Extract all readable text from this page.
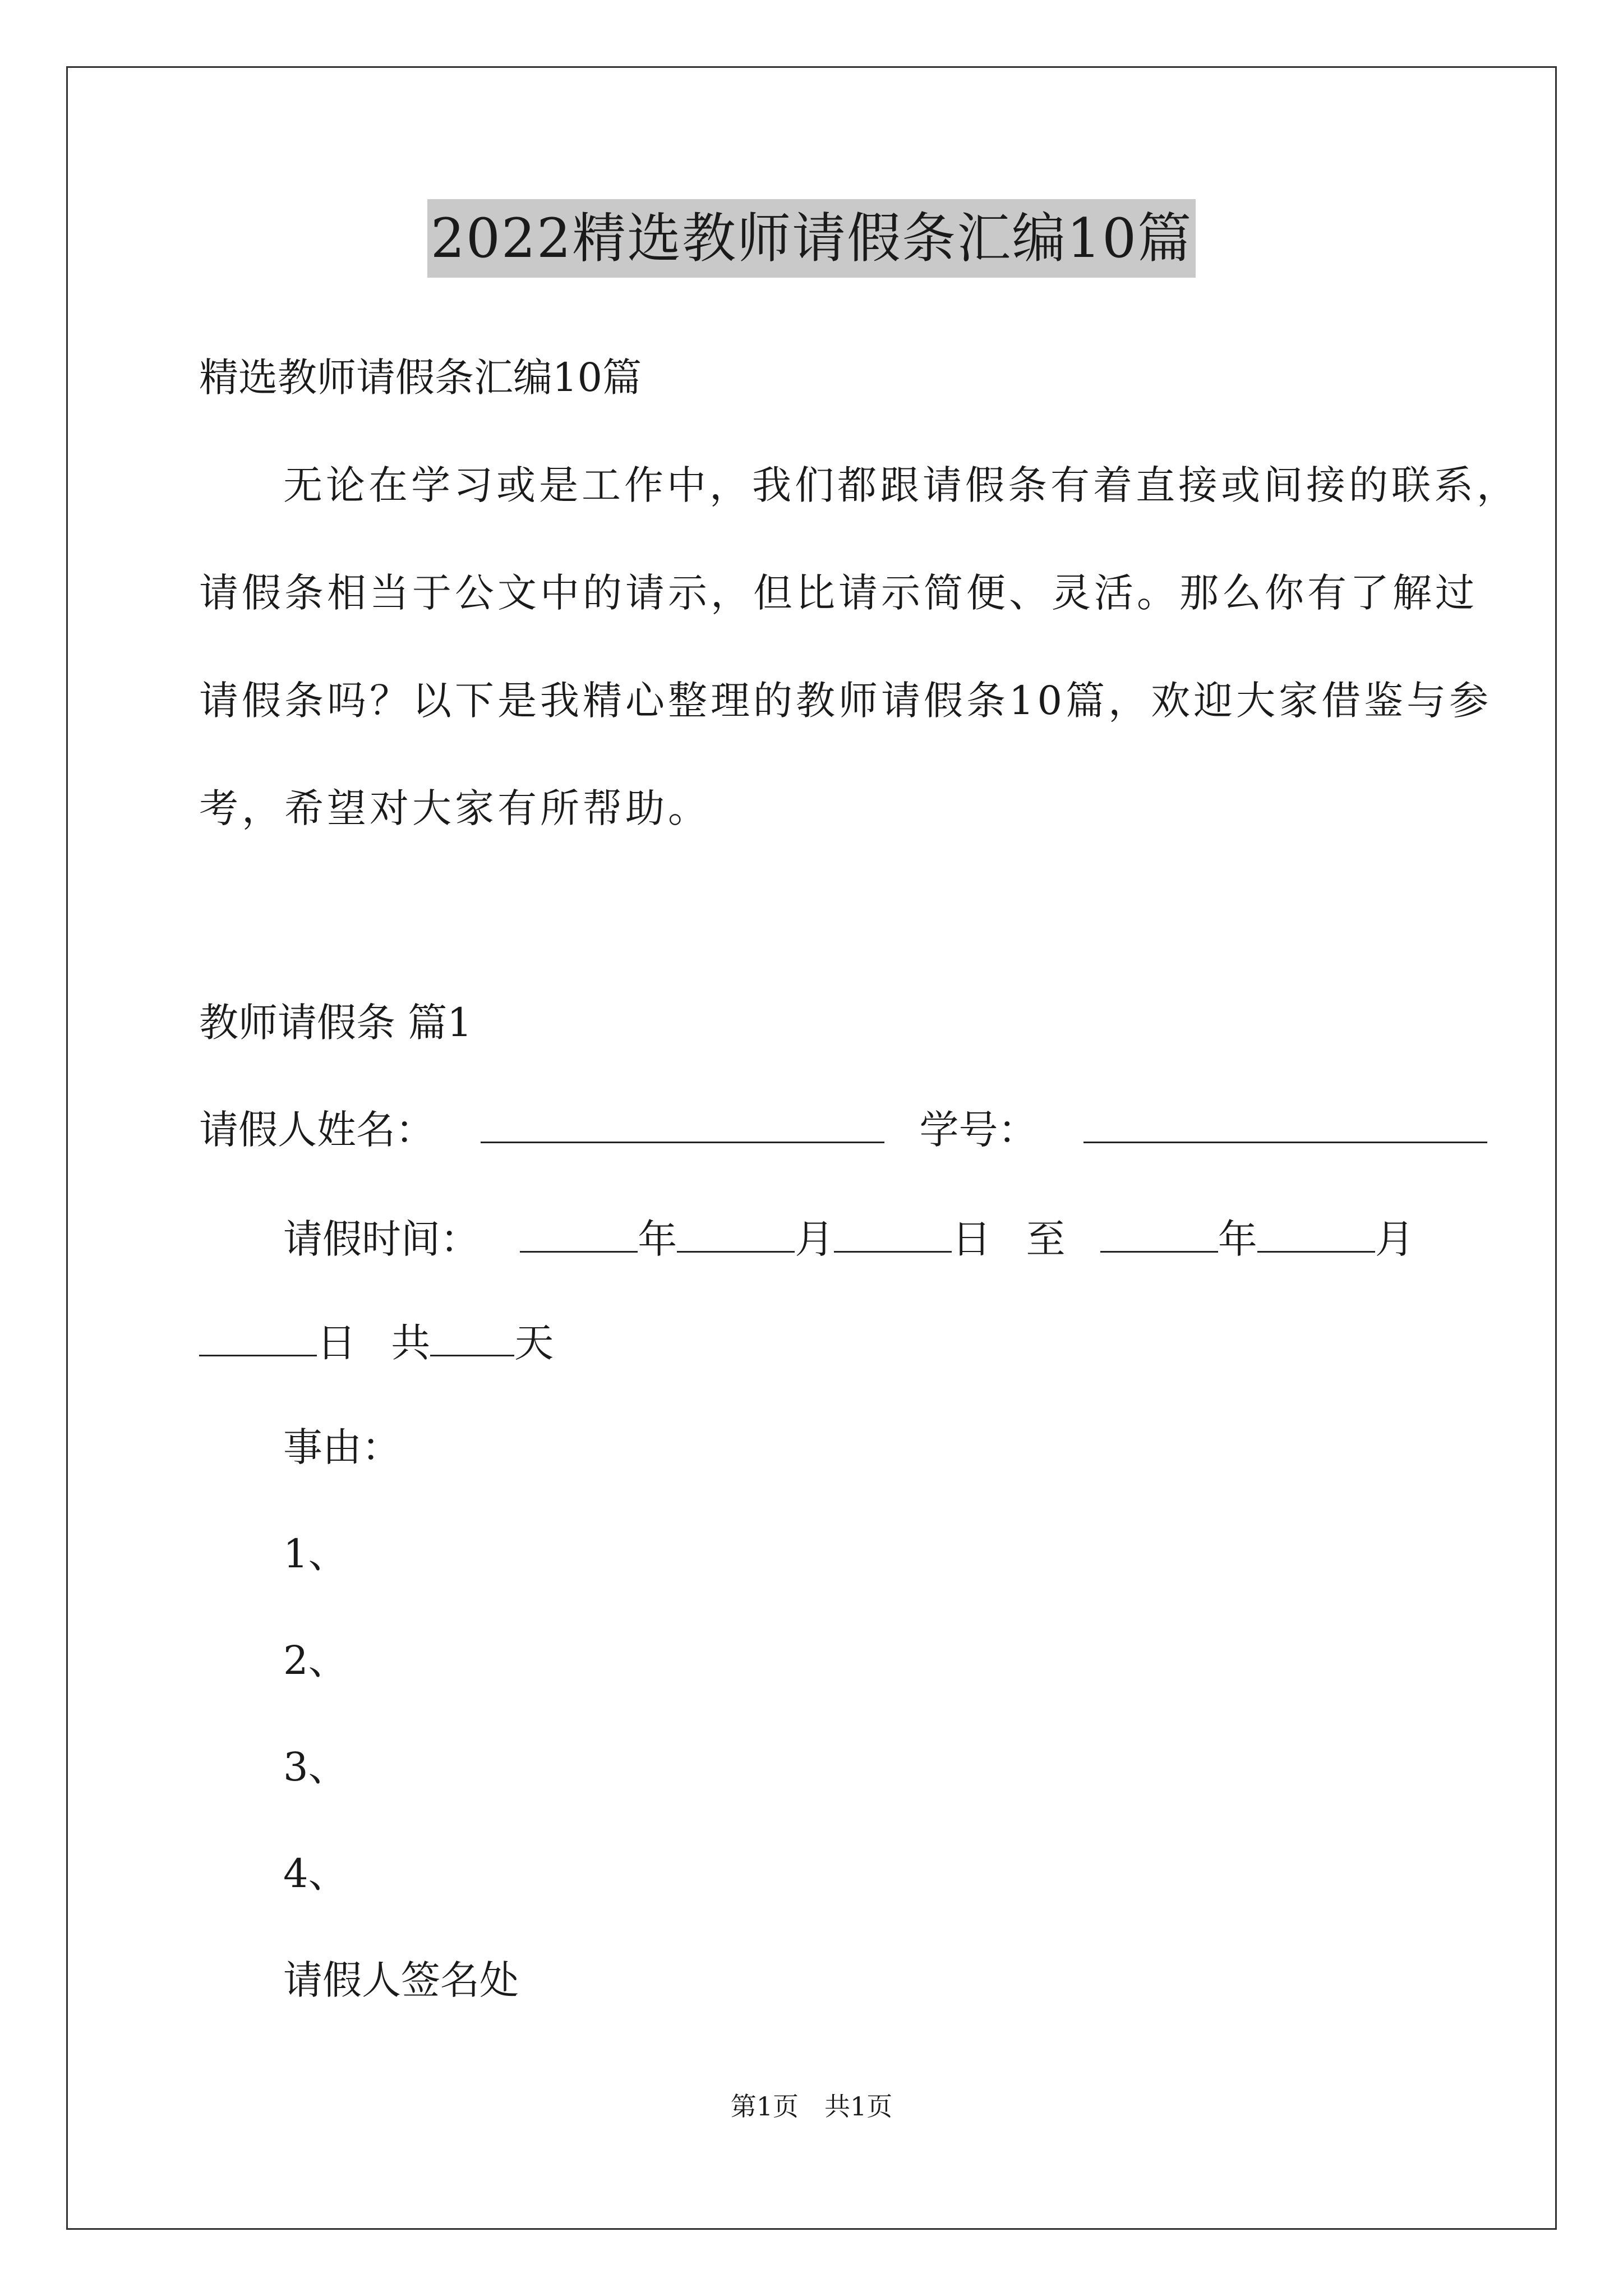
2022精选教师请假条汇编10篇
精选教师请假条汇编10篇
无论在学习或是工作中，我们都跟请假条有着直接或间接的联系，
请假条相当于公文中的请示，但比请示简便、灵活。那么你有了解过
请假条吗？以下是我精心整理的教师请假条10篇，欢迎大家借鉴与参
考，希望对大家有所帮助。
教师请假条 篇1
请假人姓名：	学号：
请假时间：	年	月	日 至	年	月
日 共 天
事由：
1、
2、
3、
4、
请假人签名处
第1页　共1页
